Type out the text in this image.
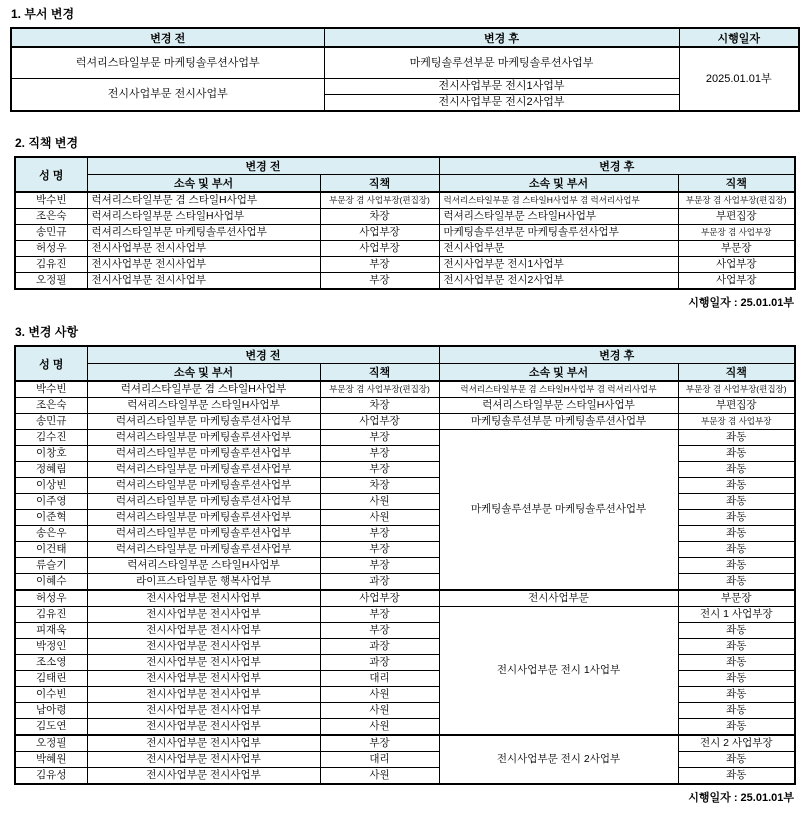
1. 부서 변경
변경 전	변경 후	시행일자
럭셔리스타일부문 마케팅솔루션사업부	마케팅솔루션부문 마케팅솔루션사업부	2025.01.01부
전시사업부문 전시사업부	전시사업부문 전시1사업부	
	전시사업부문 전시2사업부	
2. 직책 변경
성 명	변경 전		변경 후	
	소속 및 부서	직책	소속 및 부서	직책
박수빈	럭셔리스타일부문 겸 스타일H사업부	부문장 겸 사업부장(편집장)	럭셔리스타일부문 겸 스타일H사업부 겸 럭셔리사업부	부문장 겸 사업부장(편집장)
조은숙	럭셔리스타일부문 스타일H사업부	차장	럭셔리스타일부문 스타일H사업부	부편집장
송민규	럭셔리스타일부문 마케팅솔루션사업부	사업부장	마케팅솔루션부문 마케팅솔루션사업부	부문장 겸 사업부장
허성우	전시사업부문 전시사업부	사업부장	전시사업부문	부문장
김유진	전시사업부문 전시사업부	부장	전시사업부문 전시1사업부	사업부장
오정필	전시사업부문 전시사업부	부장	전시사업부문 전시2사업부	사업부장
시행일자 : 25.01.01부
3. 변경 사항
성 명	변경 전		변경 후	
	소속 및 부서	직책	소속 및 부서	직책
박수빈	럭셔리스타일부문 겸 스타일H사업부	부문장 겸 사업부장(편집장)	럭셔리스타일부문 겸 스타일H사업부 겸 럭셔리사업부	부문장 겸 사업부장(편집장)
조은숙	럭셔리스타일부문 스타일H사업부	차장	럭셔리스타일부문 스타일H사업부	부편집장
송민규	럭셔리스타일부문 마케팅솔루션사업부	사업부장	마케팅솔루션부문 마케팅솔루션사업부	부문장 겸 사업부장
김수진	럭셔리스타일부문 마케팅솔루션사업부	부장	마케팅솔루션부문 마케팅솔루션사업부	좌동
이창호	럭셔리스타일부문 마케팅솔루션사업부	부장		좌동
정혜림	럭셔리스타일부문 마케팅솔루션사업부	부장		좌동
이상빈	럭셔리스타일부문 마케팅솔루션사업부	차장		좌동
이주영	럭셔리스타일부문 마케팅솔루션사업부	사원		좌동
이준혁	럭셔리스타일부문 마케팅솔루션사업부	사원		좌동
송은우	럭셔리스타일부문 마케팅솔루션사업부	부장		좌동
이건태	럭셔리스타일부문 마케팅솔루션사업부	부장		좌동
류슬기	럭셔리스타일부문 스타일H사업부	부장		좌동
이혜수	라이프스타일부문 행복사업부	과장		좌동
허성우	전시사업부문 전시사업부	사업부장	전시사업부문	부문장
김유진	전시사업부문 전시사업부	부장	전시사업부문 전시 1사업부	전시 1 사업부장
피재욱	전시사업부문 전시사업부	부장		좌동
박정인	전시사업부문 전시사업부	과장		좌동
조소영	전시사업부문 전시사업부	과장		좌동
김태린	전시사업부문 전시사업부	대리		좌동
이수빈	전시사업부문 전시사업부	사원		좌동
남아령	전시사업부문 전시사업부	사원		좌동
김도연	전시사업부문 전시사업부	사원		좌동
오정필	전시사업부문 전시사업부	부장	전시사업부문 전시 2사업부	전시 2 사업부장
박혜원	전시사업부문 전시사업부	대리		좌동
김유성	전시사업부문 전시사업부	사원		좌동
시행일자 : 25.01.01부
